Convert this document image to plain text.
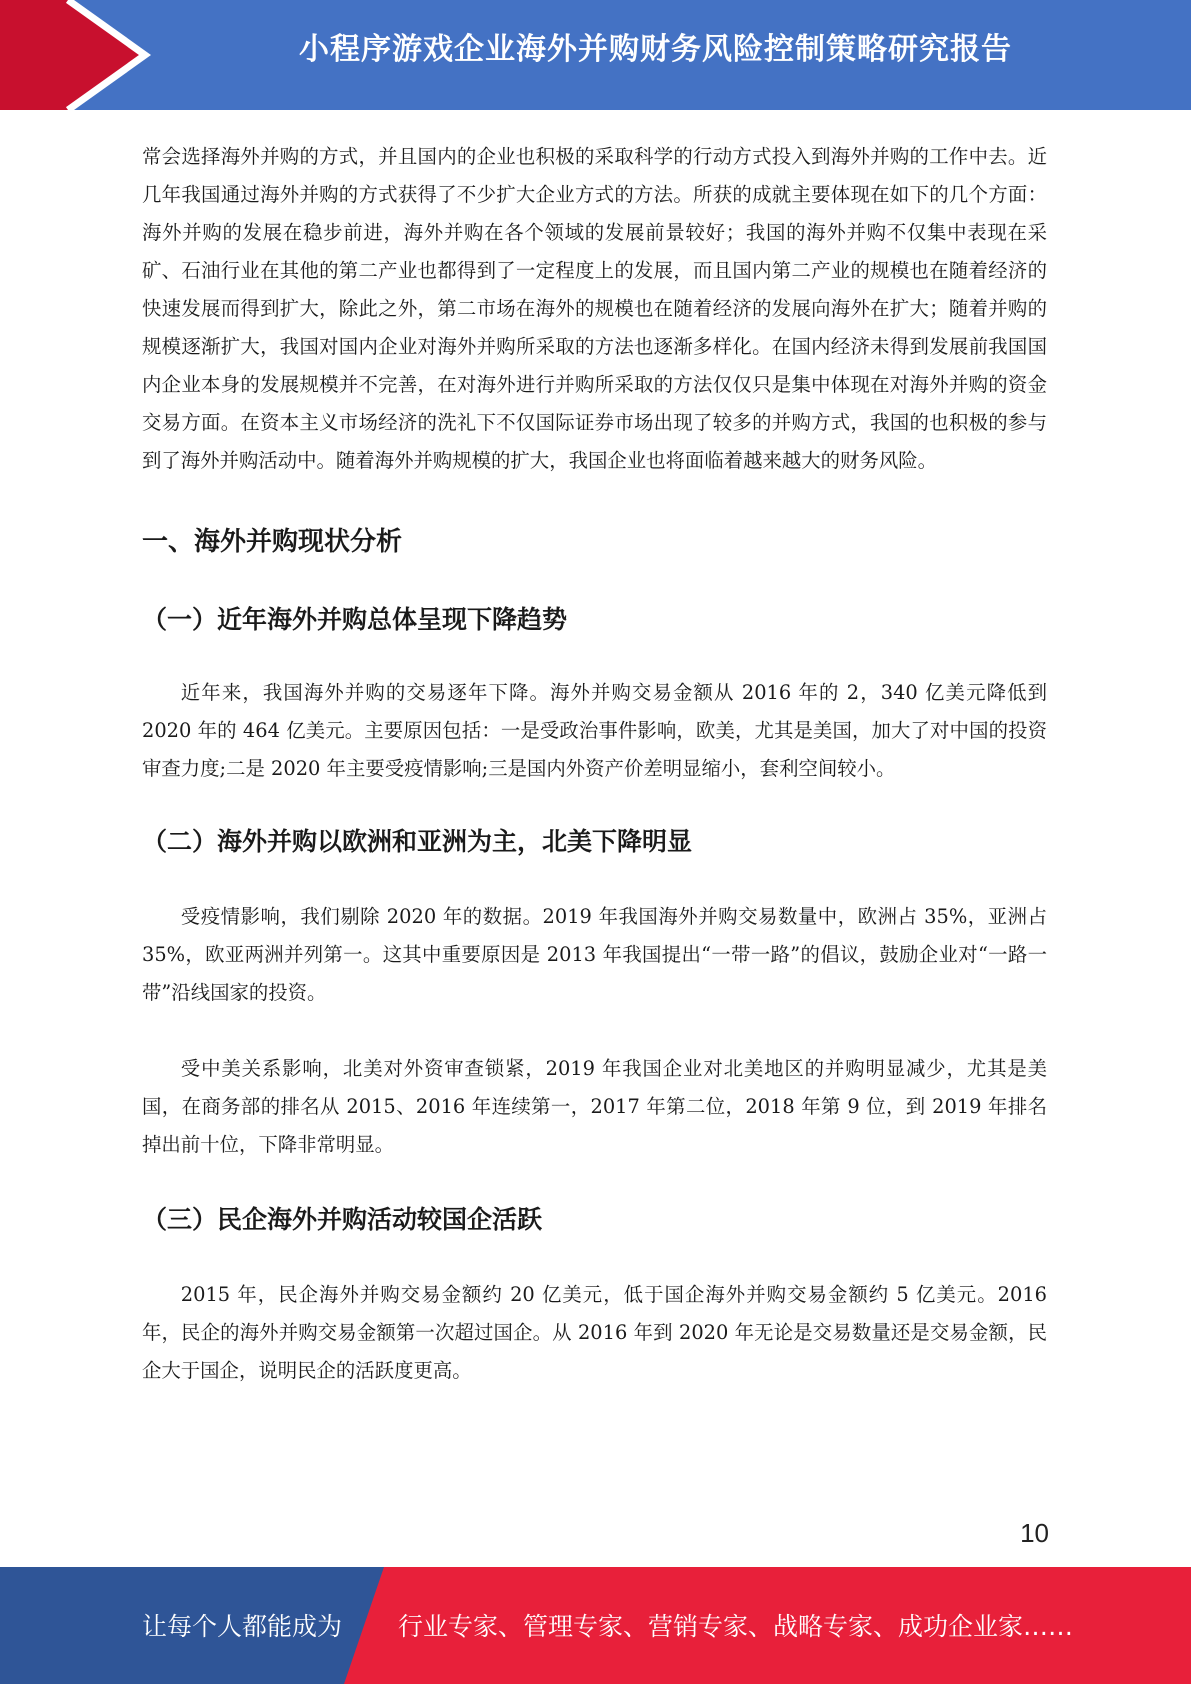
小程序游戏企业海外并购财务风险控制策略研究报告

常会选择海外并购的方式，并且国内的企业也积极的采取科学的行动方式投入到海外并购的工作中去。近几年我国通过海外并购的方式获得了不少扩大企业方式的方法。所获的成就主要体现在如下的几个方面：海外并购的发展在稳步前进，海外并购在各个领域的发展前景较好；我国的海外并购不仅集中表现在采矿、石油行业在其他的第二产业也都得到了一定程度上的发展，而且国内第二产业的规模也在随着经济的快速发展而得到扩大，除此之外，第二市场在海外的规模也在随着经济的发展向海外在扩大；随着并购的规模逐渐扩大，我国对国内企业对海外并购所采取的方法也逐渐多样化。在国内经济未得到发展前我国国内企业本身的发展规模并不完善，在对海外进行并购所采取的方法仅仅只是集中体现在对海外并购的资金交易方面。在资本主义市场经济的洗礼下不仅国际证券市场出现了较多的并购方式，我国的也积极的参与到了海外并购活动中。随着海外并购规模的扩大，我国企业也将面临着越来越大的财务风险。

一、海外并购现状分析
（一）近年海外并购总体呈现下降趋势

近年来，我国海外并购的交易逐年下降。海外并购交易金额从 2016 年的 2，340 亿美元降低到 2020 年的 464 亿美元。主要原因包括：一是受政治事件影响，欧美，尤其是美国，加大了对中国的投资审查力度;二是 2020 年主要受疫情影响;三是国内外资产价差明显缩小，套利空间较小。

（二）海外并购以欧洲和亚洲为主，北美下降明显

受疫情影响，我们剔除 2020 年的数据。2019 年我国海外并购交易数量中，欧洲占 35%，亚洲占 35%，欧亚两洲并列第一。这其中重要原因是 2013 年我国提出“一带一路”的倡议，鼓励企业对“一路一带”沿线国家的投资。

受中美关系影响，北美对外资审查锁紧，2019 年我国企业对北美地区的并购明显减少，尤其是美国，在商务部的排名从 2015、2016 年连续第一，2017 年第二位，2018 年第 9 位，到 2019 年排名掉出前十位，下降非常明显。

（三）民企海外并购活动较国企活跃

2015 年，民企海外并购交易金额约 20 亿美元，低于国企海外并购交易金额约 5 亿美元。2016 年，民企的海外并购交易金额第一次超过国企。从 2016 年到 2020 年无论是交易数量还是交易金额，民企大于国企，说明民企的活跃度更高。

10
让每个人都能成为 行业专家、管理专家、营销专家、战略专家、成功企业家……
